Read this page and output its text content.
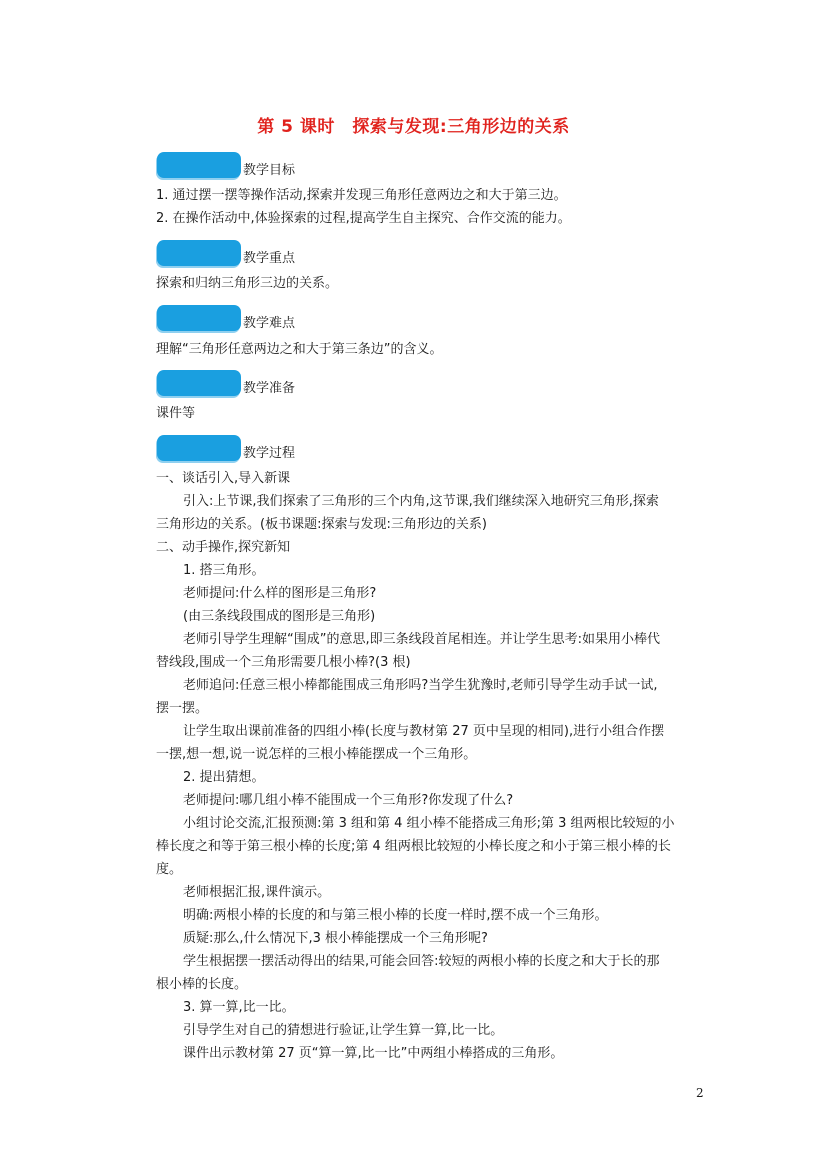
第 5 课时　探索与发现:三角形边的关系
教学目标
1. 通过摆一摆等操作活动,探索并发现三角形任意两边之和大于第三边。
2. 在操作活动中,体验探索的过程,提高学生自主探究、合作交流的能力。
教学重点
探索和归纳三角形三边的关系。
教学难点
理解“三角形任意两边之和大于第三条边”的含义。
教学准备
课件等
教学过程
一、谈话引入,导入新课
引入:上节课,我们探索了三角形的三个内角,这节课,我们继续深入地研究三角形,探索
三角形边的关系。(板书课题:探索与发现:三角形边的关系)
二、动手操作,探究新知
1. 搭三角形。
老师提问:什么样的图形是三角形?
(由三条线段围成的图形是三角形)
老师引导学生理解“围成”的意思,即三条线段首尾相连。并让学生思考:如果用小棒代
替线段,围成一个三角形需要几根小棒?(3 根)
老师追问:任意三根小棒都能围成三角形吗?当学生犹豫时,老师引导学生动手试一试,
摆一摆。
让学生取出课前准备的四组小棒(长度与教材第 27 页中呈现的相同),进行小组合作摆
一摆,想一想,说一说怎样的三根小棒能摆成一个三角形。
2. 提出猜想。
老师提问:哪几组小棒不能围成一个三角形?你发现了什么?
小组讨论交流,汇报预测:第 3 组和第 4 组小棒不能搭成三角形;第 3 组两根比较短的小
棒长度之和等于第三根小棒的长度;第 4 组两根比较短的小棒长度之和小于第三根小棒的长
度。
老师根据汇报,课件演示。
明确:两根小棒的长度的和与第三根小棒的长度一样时,摆不成一个三角形。
质疑:那么,什么情况下,3 根小棒能摆成一个三角形呢?
学生根据摆一摆活动得出的结果,可能会回答:较短的两根小棒的长度之和大于长的那
根小棒的长度。
3. 算一算,比一比。
引导学生对自己的猜想进行验证,让学生算一算,比一比。
课件出示教材第 27 页“算一算,比一比”中两组小棒搭成的三角形。
2
